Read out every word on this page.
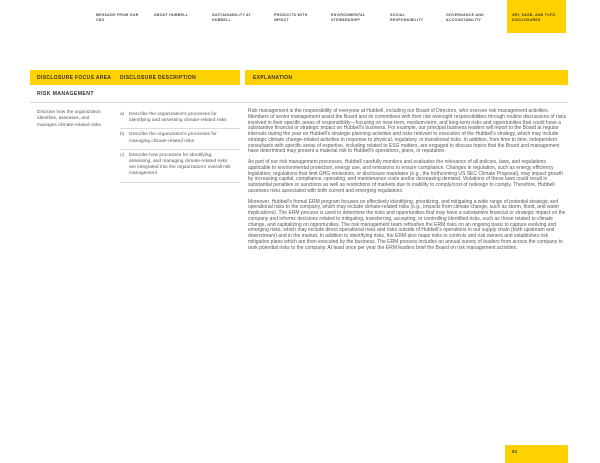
MESSAGE FROM OUR CEO
ABOUT HUBBELL	SUSTAINABILITY AT HUBBELL
PRODUCTS WITH IMPACT
ENVIRONMENTAL STEWARDSHIP
SOCIAL RESPONSIBILITY
GOVERNANCE AND ACCOUNTABILITY
GRI, SASB, AND TCFD DISCLOSURES
DISCLOSURE FOCUS AREA	DISCLOSURE DESCRIPTION	EXPLANATION
RISK MANAGEMENT
Disclose how the organization identifies, assesses, and manages climate-related risks.
a) Describe the organization's processes for identifying and assessing climate-related risks
b) Describe the organization's processes for managing climate-related risks
c)	Describe how processes for identifying, assessing, and managing climate-related risks are integrated into the organization's overall risk management

Risk management is the responsibility of everyone at Hubbell, including our Board of Directors, who oversee risk management activities. Members of senior management assist the Board and its committees with their risk oversight responsibilities through routine discussions of risks involved in their specific areas of responsibility—focusing on near-term, medium-term, and long-term risks and opportunities that could have a substantive financial or strategic impact on Hubbell's business. For example, our principal business leaders will report to the Board at regular intervals during the year on Hubbell's strategic planning activities and risks relevant to execution of the Hubbell's strategy, which may include strategic climate change-related activities in response to physical, regulatory, or transitional risks. In addition, from time to time, independent consultants with specific areas of expertise, including related to ESG matters, are engaged to discuss topics that the Board and management have determined may present a material risk to Hubbell's operations, plans, or reputation.

As part of our risk management processes, Hubbell carefully monitors and evaluates the relevance of all policies, laws, and regulations applicable to environmental protection, energy use, and emissions to ensure compliance. Changes in regulation, such as energy efficiency legislation, regulations that limit GHG emissions, or disclosure mandates (e.g., the forthcoming US SEC Climate Proposal), may impact growth by increasing capital, compliance, operating, and maintenance costs and/or decreasing demand. Violations of these laws could result in substantial penalties or sanctions as well as restrictions of markets due to inability to comply/cost of redesign to comply. Therefore, Hubbell assesses risks associated with both current and emerging regulations.

Moreover, Hubbell's formal ERM program focuses on effectively identifying, prioritizing, and mitigating a wide range of potential strategic and operational risks to the company, which may include climate-related risks (e.g., impacts from climate change, such as storm, flood, and water implications). The ERM process is used to determine the risks and opportunities that may have a substantive financial or strategic impact on the company and informs decisions related to mitigating, transferring, accepting, or controlling identified risks, such as those related to climate change, and capitalizing on opportunities. The risk management team refreshes the ERM risks on an ongoing basis to capture evolving and emerging risks, which may include direct operational risks and risks outside of Hubbell's operations in our supply chain (both upstream and downstream) and in the market. In addition to identifying risks, the ERM also maps risks to controls and risk owners and establishes risk mitigation plans which are then executed by the business. The ERM process includes an annual survey of leaders from across the company to rank potential risks to the company. At least once per year the ERM leaders brief the Board on risk management activities.

84
